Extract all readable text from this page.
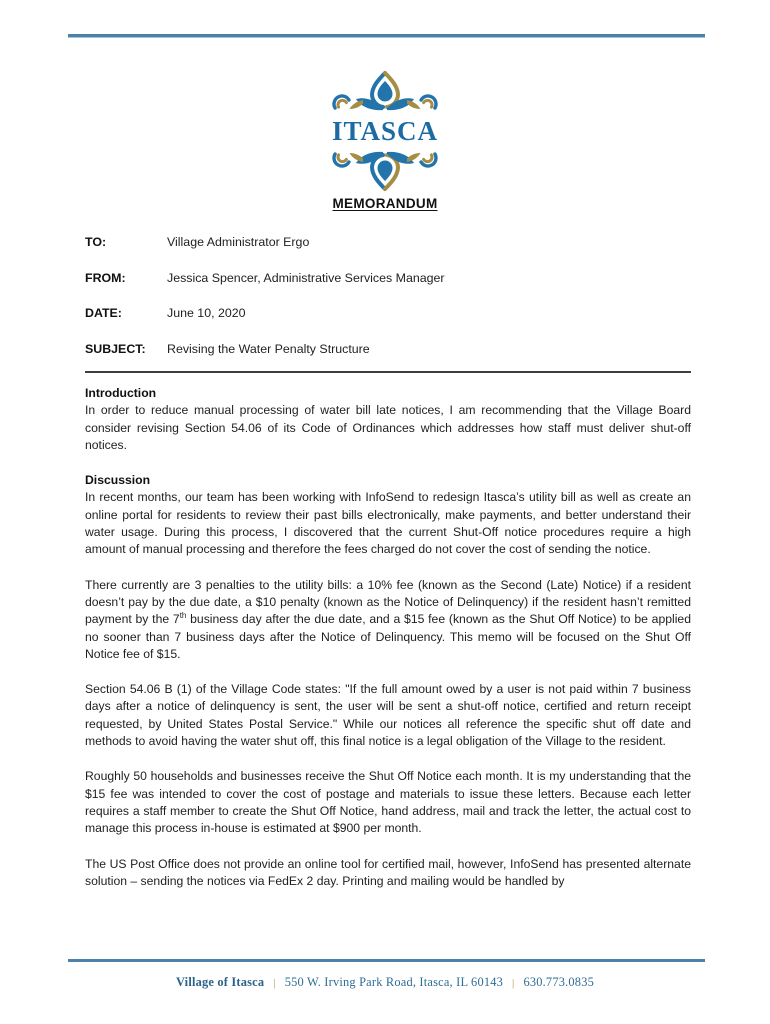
ITASCA
MEMORANDUM
TO:	Village Administrator Ergo
FROM:	Jessica Spencer, Administrative Services Manager
DATE:	June 10, 2020
SUBJECT:	Revising the Water Penalty Structure
Introduction

In order to reduce manual processing of water bill late notices, I am recommending that the Village Board consider revising Section 54.06 of its Code of Ordinances which addresses how staff must deliver shut-off notices.

Discussion

In recent months, our team has been working with InfoSend to redesign Itasca’s utility bill as well as create an online portal for residents to review their past bills electronically, make payments, and better understand their water usage. During this process, I discovered that the current Shut-Off notice procedures require a high amount of manual processing and therefore the fees charged do not cover the cost of sending the notice.

There currently are 3 penalties to the utility bills: a 10% fee (known as the Second (Late) Notice) if a resident doesn’t pay by the due date, a $10 penalty (known as the Notice of Delinquency) if the resident hasn’t remitted payment by the 7th business day after the due date, and a $15 fee (known as the Shut Off Notice) to be applied no sooner than 7 business days after the Notice of Delinquency. This memo will be focused on the Shut Off Notice fee of $15.

Section 54.06 B (1) of the Village Code states: "If the full amount owed by a user is not paid within 7 business days after a notice of delinquency is sent, the user will be sent a shut-off notice, certified and return receipt requested, by United States Postal Service." While our notices all reference the specific shut off date and methods to avoid having the water shut off, this final notice is a legal obligation of the Village to the resident.

Roughly 50 households and businesses receive the Shut Off Notice each month. It is my understanding that the $15 fee was intended to cover the cost of postage and materials to issue these letters. Because each letter requires a staff member to create the Shut Off Notice, hand address, mail and track the letter, the actual cost to manage this process in-house is estimated at $900 per month.

The US Post Office does not provide an online tool for certified mail, however, InfoSend has presented alternate solution – sending the notices via FedEx 2 day. Printing and mailing would be handled by

Village of Itasca | 550 W. Irving Park Road, Itasca, IL 60143 | 630.773.0835
